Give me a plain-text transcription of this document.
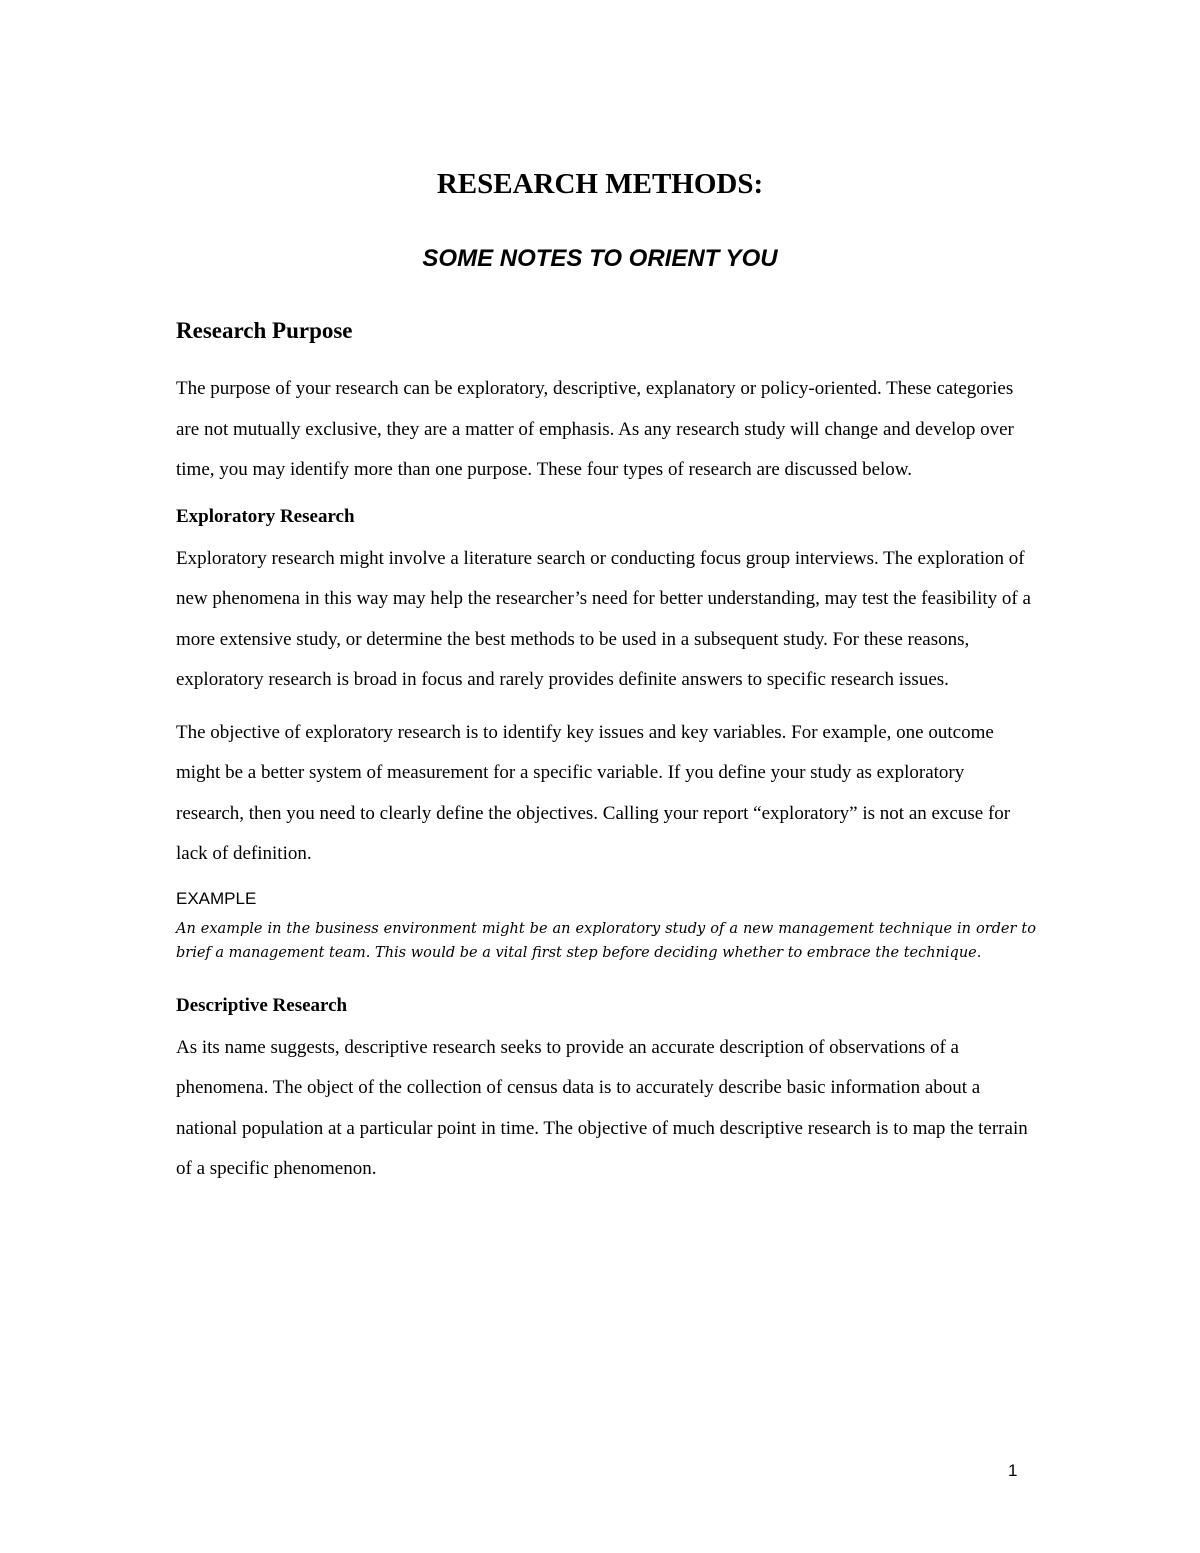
RESEARCH METHODS:
SOME NOTES TO ORIENT YOU
Research Purpose

The purpose of your research can be exploratory, descriptive, explanatory or policy-oriented. These categories are not mutually exclusive, they are a matter of emphasis. As any research study will change and develop over time, you may identify more than one purpose. These four types of research are discussed below.

Exploratory Research

Exploratory research might involve a literature search or conducting focus group interviews. The exploration of new phenomena in this way may help the researcher’s need for better understanding, may test the feasibility of a more extensive study, or determine the best methods to be used in a subsequent study. For these reasons, exploratory research is broad in focus and rarely provides definite answers to specific research issues.

The objective of exploratory research is to identify key issues and key variables. For example, one outcome might be a better system of measurement for a specific variable. If you define your study as exploratory research, then you need to clearly define the objectives. Calling your report “exploratory” is not an excuse for lack of definition.

EXAMPLE

An example in the business environment might be an exploratory study of a new management technique in order to brief a management team. This would be a vital first step before deciding whether to embrace the technique.

Descriptive Research

As its name suggests, descriptive research seeks to provide an accurate description of observations of a phenomena. The object of the collection of census data is to accurately describe basic information about a national population at a particular point in time. The objective of much descriptive research is to map the terrain of a specific phenomenon.

1
